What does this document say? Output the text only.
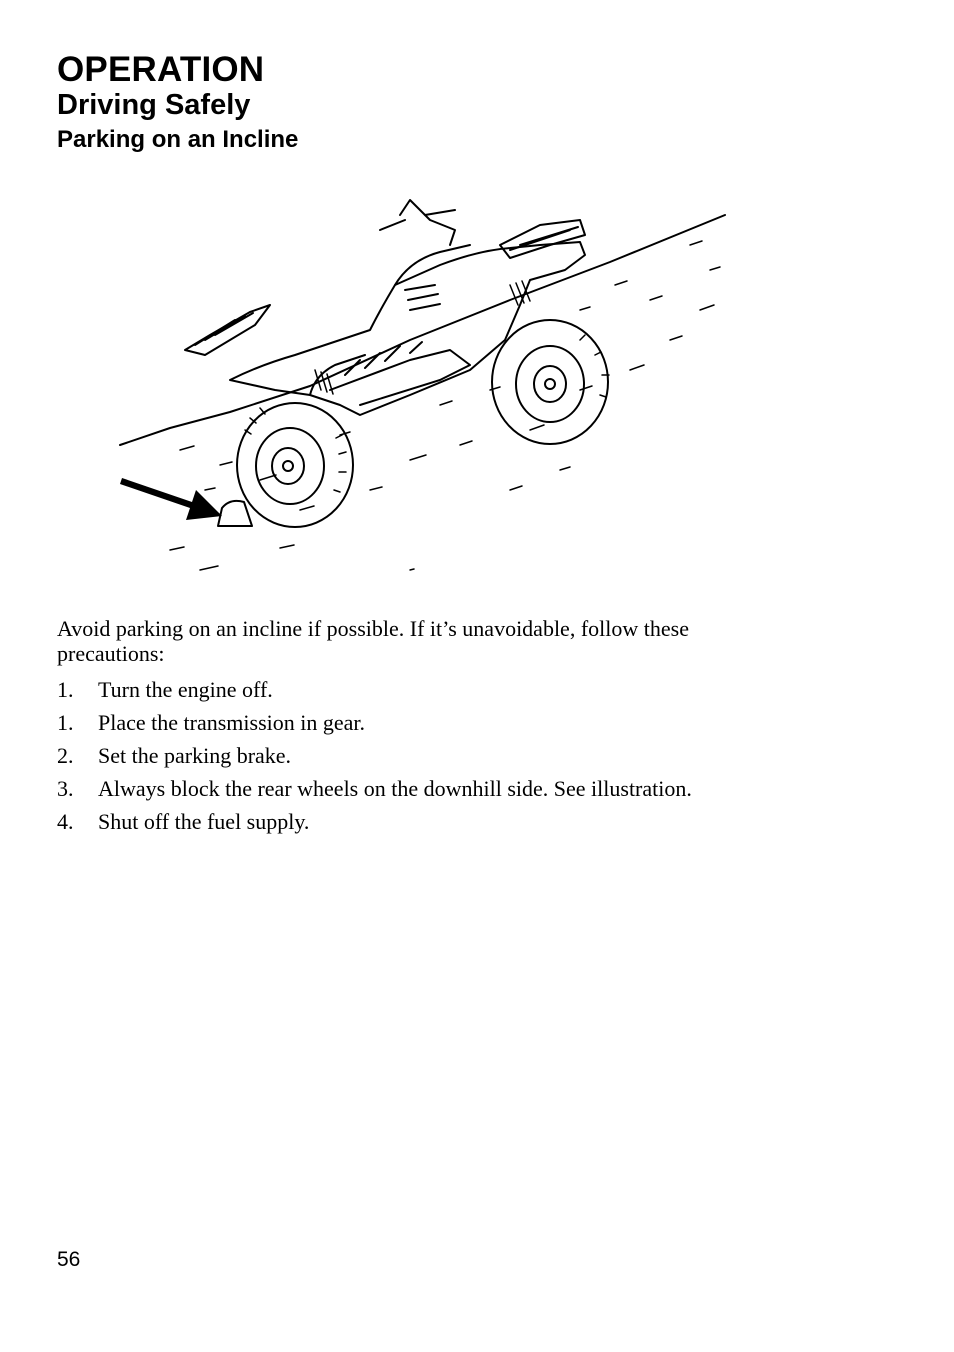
OPERATION
Driving Safely
Parking on an Incline
Avoid parking on an incline if possible. If it’s unavoidable, follow these precautions:
1.	Turn the engine off.
1.	Place the transmission in gear.
2.	Set the parking brake.
3.	Always block the rear wheels on the downhill side. See illustration.
4.	Shut off the fuel supply.
56
